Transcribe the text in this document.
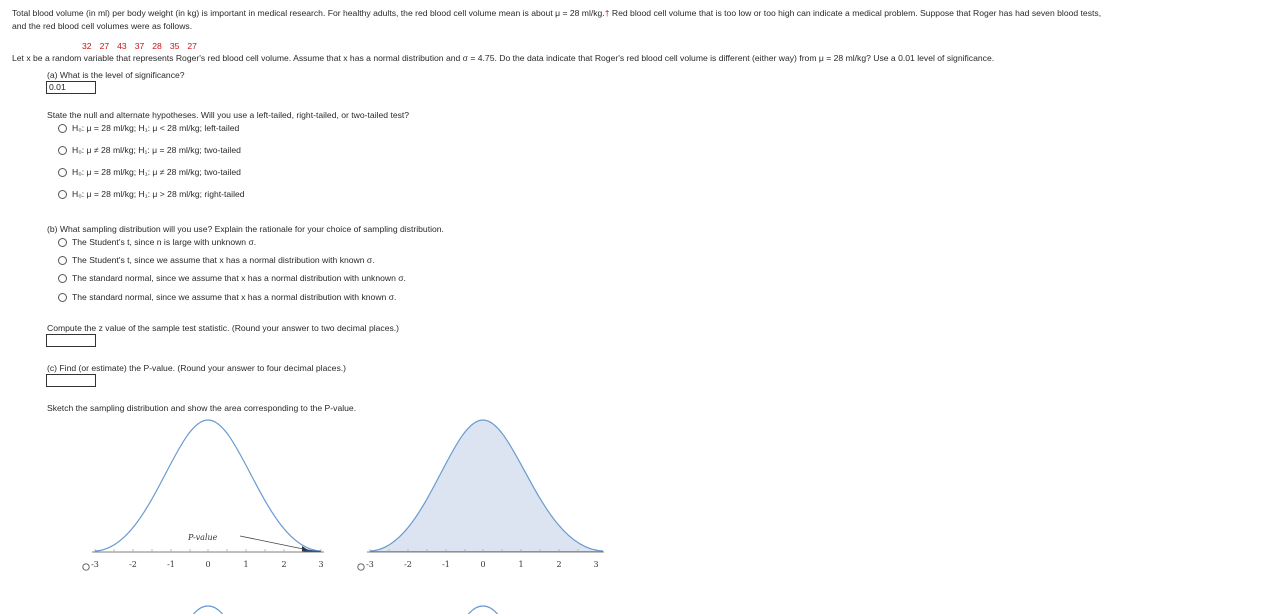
Total blood volume (in ml) per body weight (in kg) is important in medical research. For healthy adults, the red blood cell volume mean is about μ = 28 ml/kg.† Red blood cell volume that is too low or too high can indicate a medical problem. Suppose that Roger has had seven blood tests,
and the red blood cell volumes were as follows.
32 27 43 37 28 35 27
Let x be a random variable that represents Roger's red blood cell volume. Assume that x has a normal distribution and σ = 4.75. Do the data indicate that Roger's red blood cell volume is different (either way) from μ = 28 ml/kg? Use a 0.01 level of significance.
(a) What is the level of significance?
0.01
State the null and alternate hypotheses. Will you use a left-tailed, right-tailed, or two-tailed test?
H₀: μ = 28 ml/kg; H₁: μ < 28 ml/kg; left-tailed
H₀: μ ≠ 28 ml/kg; H₁: μ = 28 ml/kg; two-tailed
H₀: μ = 28 ml/kg; H₁: μ ≠ 28 ml/kg; two-tailed
H₀: μ = 28 ml/kg; H₁: μ > 28 ml/kg; right-tailed
(b) What sampling distribution will you use? Explain the rationale for your choice of sampling distribution.
The Student's t, since n is large with unknown σ.
The Student's t, since we assume that x has a normal distribution with known σ.
The standard normal, since we assume that x has a normal distribution with unknown σ.
The standard normal, since we assume that x has a normal distribution with known σ.
Compute the z value of the sample test statistic. (Round your answer to two decimal places.)
(c) Find (or estimate) the P-value. (Round your answer to four decimal places.)
Sketch the sampling distribution and show the area corresponding to the P-value.
P-value
-3	-2	-1	0	1	2	3	-3	-2	-1	0	1	2	3
